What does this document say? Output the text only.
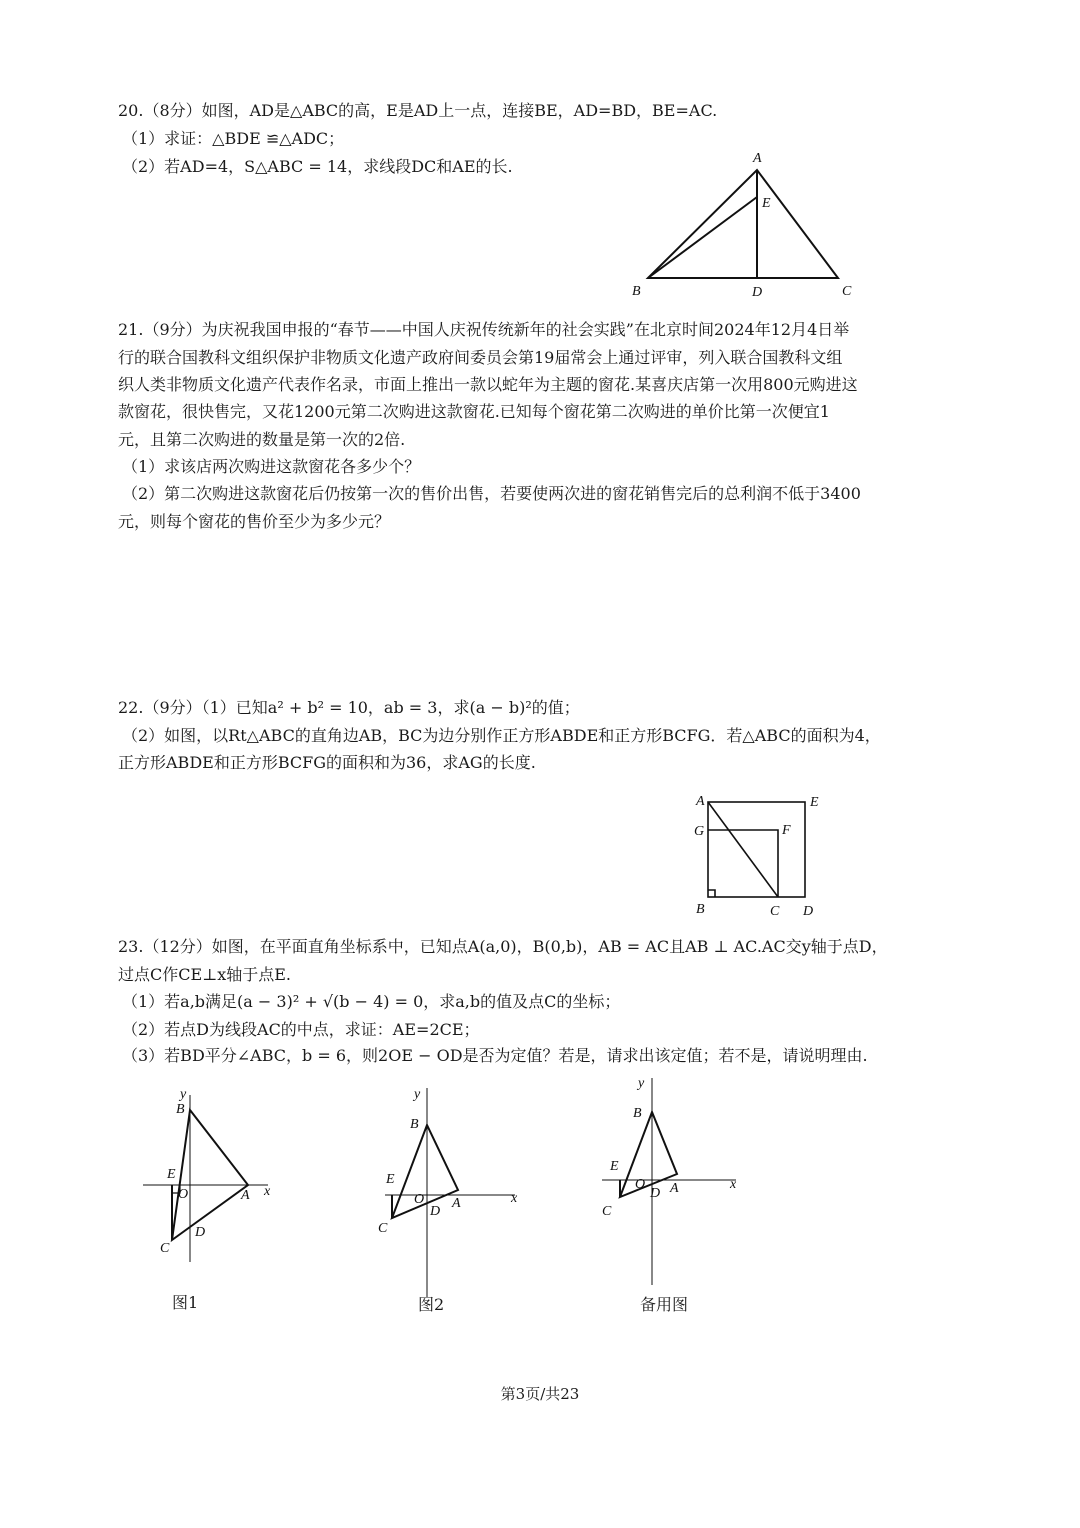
20.（8分）如图，AD是△ABC的高，E是AD上一点，连接BE，AD=BD，BE=AC.
（1）求证：△BDE ≌△ADC；
（2）若AD=4，S△ABC = 14，求线段DC和AE的长.	A
E
B	D	C
A	E
G	F
B	C D
x
y
B
A
C
E
O
D
x
y
B
A
C
E
O
D
x
y
B
A
C
E
O
D
21.（9分）为庆祝我国申报的“春节——中国人庆祝传统新年的社会实践”在北京时间2024年12月4日举
行的联合国教科文组织保护非物质文化遗产政府间委员会第19届常会上通过评审，列入联合国教科文组
织人类非物质文化遗产代表作名录，市面上推出一款以蛇年为主题的窗花.某喜庆店第一次用800元购进这
款窗花，很快售完，又花1200元第二次购进这款窗花.已知每个窗花第二次购进的单价比第一次便宜1
元，且第二次购进的数量是第一次的2倍.
（1）求该店两次购进这款窗花各多少个？
（2）第二次购进这款窗花后仍按第一次的售价出售，若要使两次进的窗花销售完后的总利润不低于3400
元，则每个窗花的售价至少为多少元？
22.（9分）（1）已知a² + b² = 10，ab = 3，求(a − b)²的值；
（2）如图，以Rt△ABC的直角边AB，BC为边分别作正方形ABDE和正方形BCFG．若△ABC的面积为4，
正方形ABDE和正方形BCFG的面积和为36，求AG的长度.
23.（12分）如图，在平面直角坐标系中，已知点A(a,0)，B(0,b)，AB = AC且AB ⊥ AC.AC交y轴于点D，
过点C作CE⊥x轴于点E.
（1）若a,b满足(a − 3)² + √(b − 4) = 0，求a,b的值及点C的坐标；
（2）若点D为线段AC的中点，求证：AE=2CE；
（3）若BD平分∠ABC，b = 6，则2OE − OD是否为定值？若是，请求出该定值；若不是，请说明理由.
图1	图2	备用图
第3页/共23
